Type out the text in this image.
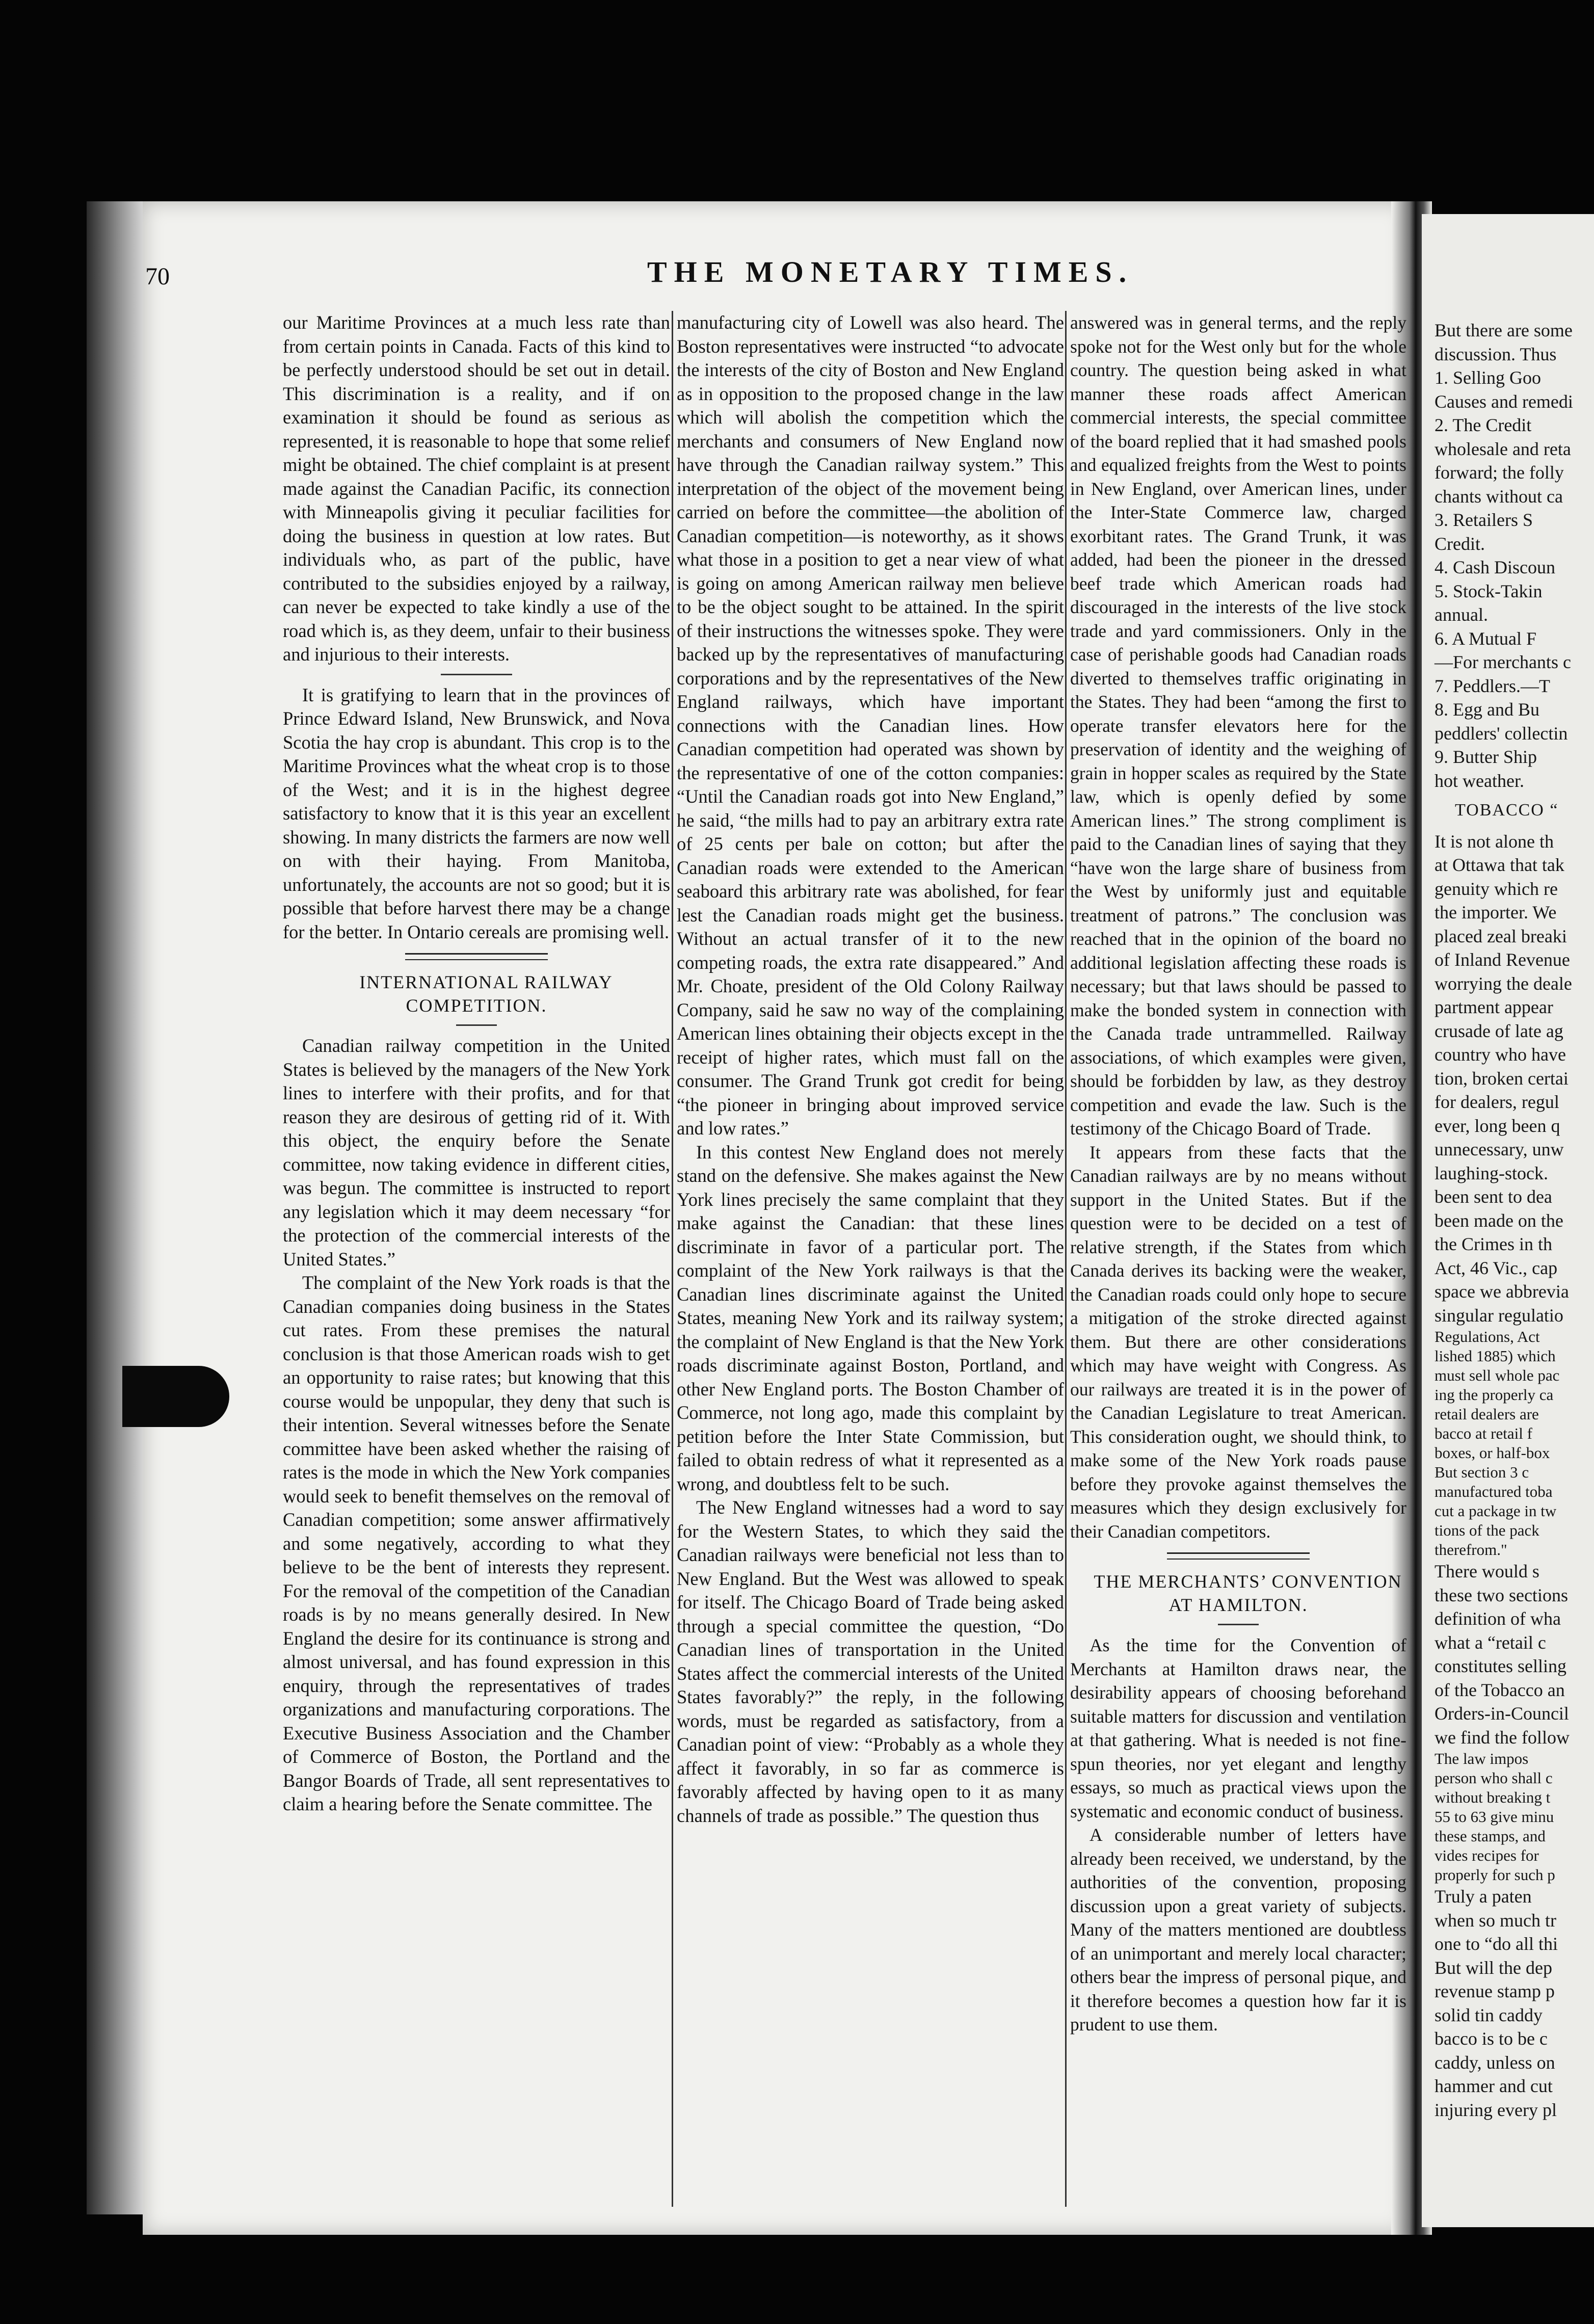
70	THE MONETARY TIMES.

our Maritime Provinces at a much less rate than from certain points in Canada. Facts of this kind to be perfectly understood should be set out in detail. This discrimination is a reality, and if on examination it should be found as serious as represented, it is reasonable to hope that some relief might be obtained. The chief complaint is at present made against the Canadian Pacific, its connection with Minneapolis giving it peculiar facilities for doing the business in question at low rates. But individuals who, as part of the public, have contributed to the subsidies enjoyed by a railway, can never be expected to take kindly a use of the road which is, as they deem, unfair to their business and injurious to their interests.

It is gratifying to learn that in the provinces of Prince Edward Island, New Brunswick, and Nova Scotia the hay crop is abundant. This crop is to the Maritime Provinces what the wheat crop is to those of the West; and it is in the highest degree satisfactory to know that it is this year an excellent showing. In many districts the farmers are now well on with their haying. From Manitoba, unfortunately, the accounts are not so good; but it is possible that before harvest there may be a change for the better. In Ontario cereals are promising well.

INTERNATIONAL RAILWAY COMPETITION.

Canadian railway competition in the United States is believed by the managers of the New York lines to interfere with their profits, and for that reason they are desirous of getting rid of it. With this object, the enquiry before the Senate committee, now taking evidence in different cities, was begun. The committee is instructed to report any legislation which it may deem necessary “for the protection of the commercial interests of the United States.”

The complaint of the New York roads is that the Canadian companies doing business in the States cut rates. From these premises the natural conclusion is that those American roads wish to get an opportunity to raise rates; but knowing that this course would be unpopular, they deny that such is their intention. Several witnesses before the Senate committee have been asked whether the raising of rates is the mode in which the New York companies would seek to benefit themselves on the removal of Canadian competition; some answer affirmatively and some negatively, according to what they believe to be the bent of interests they represent. For the removal of the competition of the Canadian roads is by no means generally desired. In New England the desire for its continuance is strong and almost universal, and has found expression in this enquiry, through the representatives of trades organizations and manufacturing corporations. The Executive Business Association and the Chamber of Commerce of Boston, the Portland and the Bangor Boards of Trade, all sent representatives to claim a hearing before the Senate committee. The

manufacturing city of Lowell was also heard. The Boston representatives were instructed “to advocate the interests of the city of Boston and New England as in opposition to the proposed change in the law which will abolish the competition which the merchants and consumers of New England now have through the Canadian railway system.” This interpretation of the object of the movement being carried on before the committee—the abolition of Canadian competition—is noteworthy, as it shows what those in a position to get a near view of what is going on among American railway men believe to be the object sought to be attained. In the spirit of their instructions the witnesses spoke. They were backed up by the representatives of manufacturing corporations and by the representatives of the New England railways, which have important connections with the Canadian lines. How Canadian competition had operated was shown by the representative of one of the cotton companies: “Until the Canadian roads got into New England,” he said, “the mills had to pay an arbitrary extra rate of 25 cents per bale on cotton; but after the Canadian roads were extended to the American seaboard this arbitrary rate was abolished, for fear lest the Canadian roads might get the business. Without an actual transfer of it to the new competing roads, the extra rate disappeared.” And Mr. Choate, president of the Old Colony Railway Company, said he saw no way of the complaining American lines obtaining their objects except in the receipt of higher rates, which must fall on the consumer. The Grand Trunk got credit for being “the pioneer in bringing about improved service and low rates.”

In this contest New England does not merely stand on the defensive. She makes against the New York lines precisely the same complaint that they make against the Canadian: that these lines discriminate in favor of a particular port. The complaint of the New York railways is that the Canadian lines discriminate against the United States, meaning New York and its railway system; the complaint of New England is that the New York roads discriminate against Boston, Portland, and other New England ports. The Boston Chamber of Commerce, not long ago, made this complaint by petition before the Inter State Commission, but failed to obtain redress of what it represented as a wrong, and doubtless felt to be such.

The New England witnesses had a word to say for the Western States, to which they said the Canadian railways were beneficial not less than to New England. But the West was allowed to speak for itself. The Chicago Board of Trade being asked through a special committee the question, “Do Canadian lines of transportation in the United States affect the commercial interests of the United States favorably?” the reply, in the following words, must be regarded as satisfactory, from a Canadian point of view: “Probably as a whole they affect it favorably, in so far as commerce is favorably affected by having open to it as many channels of trade as possible.” The question thus

answered was in general terms, and the reply spoke not for the West only but for the whole country. The question being asked in what manner these roads affect American commercial interests, the special committee of the board replied that it had smashed pools and equalized freights from the West to points in New England, over American lines, under the Inter-State Commerce law, charged exorbitant rates. The Grand Trunk, it was added, had been the pioneer in the dressed beef trade which American roads had discouraged in the interests of the live stock trade and yard commissioners. Only in the case of perishable goods had Canadian roads diverted to themselves traffic originating in the States. They had been “among the first to operate transfer elevators here for the preservation of identity and the weighing of grain in hopper scales as required by the State law, which is openly defied by some American lines.” The strong compliment is paid to the Canadian lines of saying that they “have won the large share of business from the West by uniformly just and equitable treatment of patrons.” The conclusion was reached that in the opinion of the board no additional legislation affecting these roads is necessary; but that laws should be passed to make the bonded system in connection with the Canada trade untrammelled. Railway associations, of which examples were given, should be forbidden by law, as they destroy competition and evade the law. Such is the testimony of the Chicago Board of Trade.

It appears from these facts that the Canadian railways are by no means without support in the United States. But if the question were to be decided on a test of relative strength, if the States from which Canada derives its backing were the weaker, the Canadian roads could only hope to secure a mitigation of the stroke directed against them. But there are other considerations which may have weight with Congress. As our railways are treated it is in the power of the Canadian Legislature to treat American. This consideration ought, we should think, to make some of the New York roads pause before they provoke against themselves the measures which they design exclusively for their Canadian competitors.

THE MERCHANTS’ CONVENTION AT HAMILTON.

As the time for the Convention of Merchants at Hamilton draws near, the desirability appears of choosing beforehand suitable matters for discussion and ventilation at that gathering. What is needed is not fine-spun theories, nor yet elegant and lengthy essays, so much as practical views upon the systematic and economic conduct of business.

A considerable number of letters have already been received, we understand, by the authorities of the convention, proposing discussion upon a great variety of subjects. Many of the matters mentioned are doubtless of an unimportant and merely local character; others bear the impress of personal pique, and it therefore becomes a question how far it is prudent to use them.

But there are some

discussion. Thus

1. Selling Goo

Causes and remedi

2. The Credit

wholesale and reta

forward; the folly

chants without ca

3. Retailers S

Credit.

4. Cash Discoun

5. Stock-Takin

annual.

6. A Mutual F

—For merchants c

7. Peddlers.—T

8. Egg and Bu

peddlers' collectin

9. Butter Ship

hot weather.

TOBACCO “

It is not alone th

at Ottawa that tak

genuity which re

the importer. We

placed zeal breaki

of Inland Revenue

worrying the deale

partment appear

crusade of late ag

country who have

tion, broken certai

for dealers, regul

ever, long been q

unnecessary, unw

laughing-stock.

been sent to dea

been made on the

the Crimes in th

Act, 46 Vic., cap

space we abbrevia

singular regulatio

Regulations, Act

lished 1885) which

must sell whole pac

ing the properly ca

retail dealers are

bacco at retail f

boxes, or half-box

But section 3 c

manufactured toba

cut a package in tw

tions of the pack

therefrom."

There would s

these two sections

definition of wha

what a “retail c

constitutes selling

of the Tobacco an

Orders-in-Council

we find the follow

The law impos

person who shall c

without breaking t

55 to 63 give minu

these stamps, and

vides recipes for

properly for such p

Truly a paten

when so much tr

one to “do all thi

But will the dep

revenue stamp p

solid tin caddy

bacco is to be c

caddy, unless on

hammer and cut

injuring every pl
